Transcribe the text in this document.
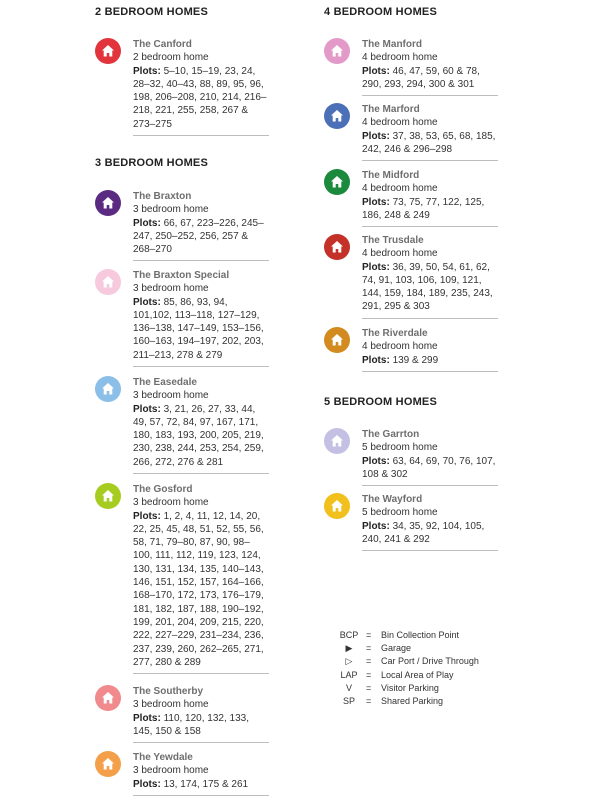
2 BEDROOM HOMES
The Canford
2 bedroom home
Plots: 5–10, 15–19, 23, 24, 28–32, 40–43, 88, 89, 95, 96, 198, 206–208, 210, 214, 216–218, 221, 255, 258, 267 & 273–275
3 BEDROOM HOMES
The Braxton
3 bedroom home
Plots: 66, 67, 223–226, 245–247, 250–252, 256, 257 & 268–270
The Braxton Special
3 bedroom home
Plots: 85, 86, 93, 94, 101,102, 113–118, 127–129, 136–138, 147–149, 153–156, 160–163, 194–197, 202, 203, 211–213, 278 & 279
The Easedale
3 bedroom home
Plots: 3, 21, 26, 27, 33, 44, 49, 57, 72, 84, 97, 167, 171, 180, 183, 193, 200, 205, 219, 230, 238, 244, 253, 254, 259, 266, 272, 276 & 281
The Gosford
3 bedroom home
Plots: 1, 2, 4, 11, 12, 14, 20, 22, 25, 45, 48, 51, 52, 55, 56, 58, 71, 79–80, 87, 90, 98–100, 111, 112, 119, 123, 124, 130, 131, 134, 135, 140–143, 146, 151, 152, 157, 164–166, 168–170, 172, 173, 176–179, 181, 182, 187, 188, 190–192, 199, 201, 204, 209, 215, 220, 222, 227–229, 231–234, 236, 237, 239, 260, 262–265, 271, 277, 280 & 289
The Southerby
3 bedroom home
Plots: 110, 120, 132, 133, 145, 150 & 158
The Yewdale
3 bedroom home
Plots: 13, 174, 175 & 261
4 BEDROOM HOMES
The Manford
4 bedroom home
Plots: 46, 47, 59, 60 & 78, 290, 293, 294, 300 & 301
The Marford
4 bedroom home
Plots: 37, 38, 53, 65, 68, 185, 242, 246 & 296–298
The Midford
4 bedroom home
Plots: 73, 75, 77, 122, 125, 186, 248 & 249
The Trusdale
4 bedroom home
Plots: 36, 39, 50, 54, 61, 62, 74, 91, 103, 106, 109, 121, 144, 159, 184, 189, 235, 243, 291, 295 & 303
The Riverdale
4 bedroom home
Plots: 139 & 299
5 BEDROOM HOMES
The Garrton
5 bedroom home
Plots: 63, 64, 69, 70, 76, 107, 108 & 302
The Wayford
5 bedroom home
Plots: 34, 35, 92, 104, 105, 240, 241 & 292
BCP = Bin Collection Point
▶	= Garage
▷	= Car Port / Drive Through
LAP = Local Area of Play
V	= Visitor Parking
SP	= Shared Parking
